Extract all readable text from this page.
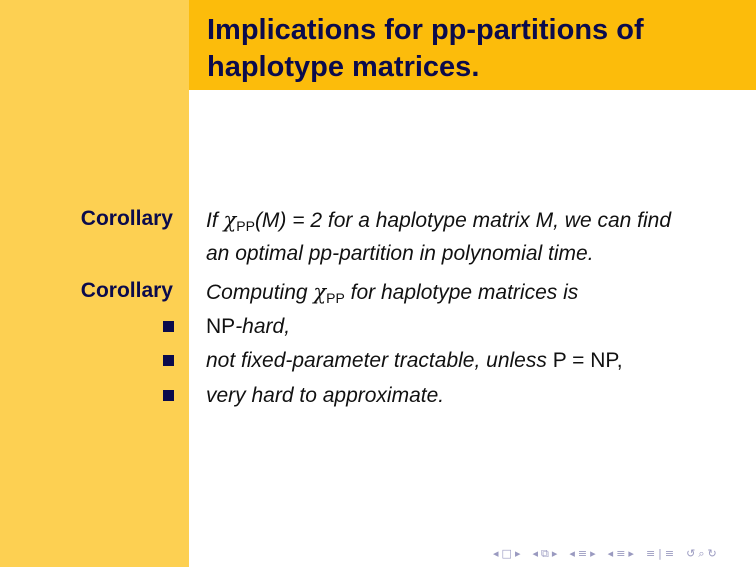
Implications for pp-partitions of haplotype matrices.
Corollary If $\chi_{PP}(M) = 2$ for a haplotype matrix M, we can find
an optimal pp-partition in polynomial time.
Corollary Computing $\chi_{PP}$ for haplotype matrices is
NP-hard,
not fixed-parameter tractable, unless P = NP,
very hard to approximate.
◂ □ ▸ ◂ ⧉ ▸ ◂ ≡ ▸ ◂ ≡ ▸ ≡ | ≡ ↺ ⌕ ↻
